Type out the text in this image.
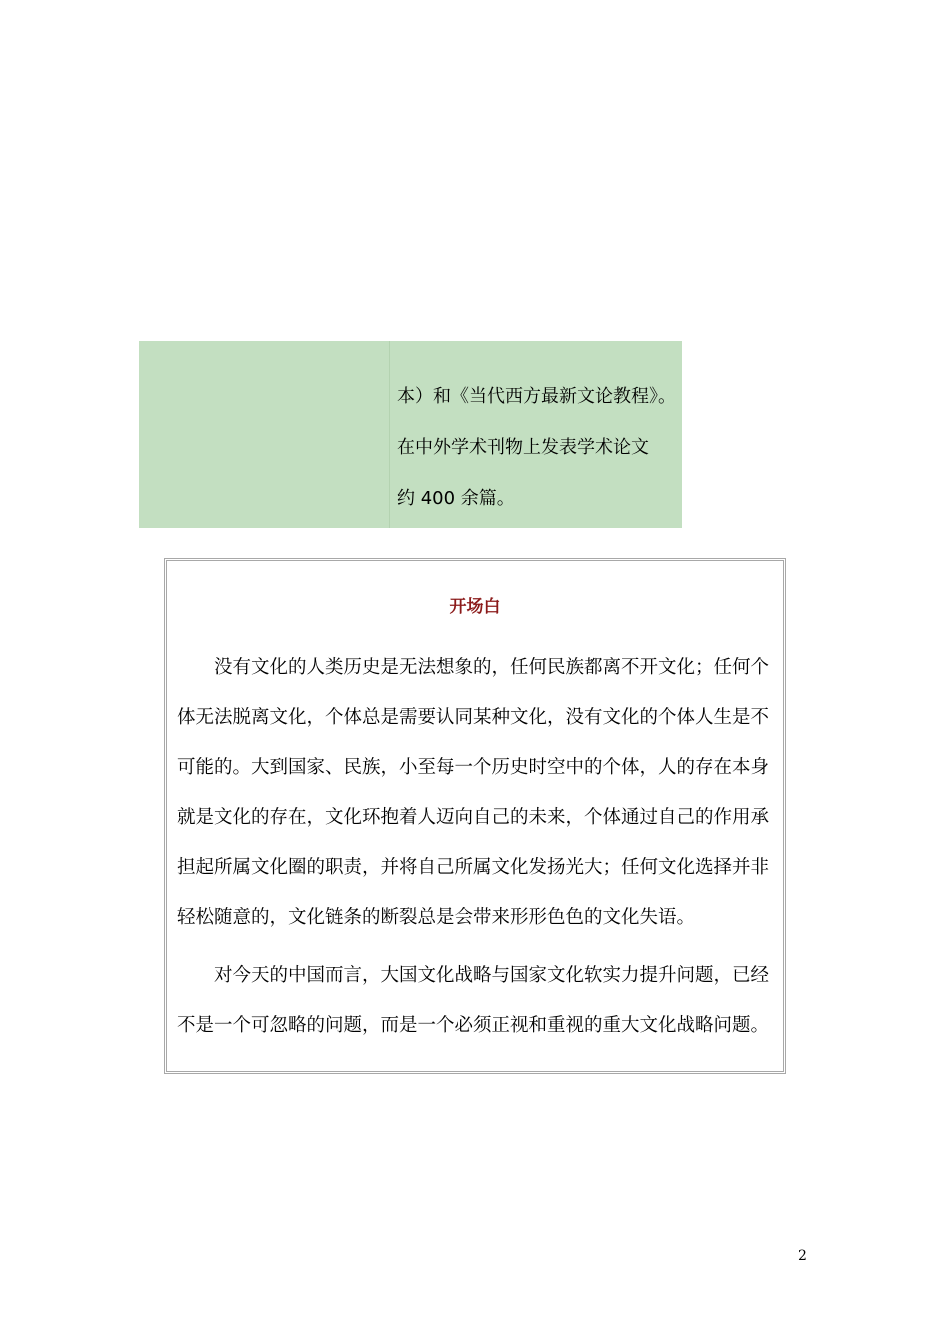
本）和《当代西方最新文论教程》。

在中外学术刊物上发表学术论文

约 400 余篇。

开场白

没有文化的人类历史是无法想象的，任何民族都离不开文化；任何个体无法脱离文化，个体总是需要认同某种文化，没有文化的个体人生是不可能的。大到国家、民族，小至每一个历史时空中的个体，人的存在本身就是文化的存在，文化环抱着人迈向自己的未来，个体通过自己的作用承担起所属文化圈的职责，并将自己所属文化发扬光大；任何文化选择并非轻松随意的，文化链条的断裂总是会带来形形色色的文化失语。

对今天的中国而言，大国文化战略与国家文化软实力提升问题，已经不是一个可忽略的问题，而是一个必须正视和重视的重大文化战略问题。

2
